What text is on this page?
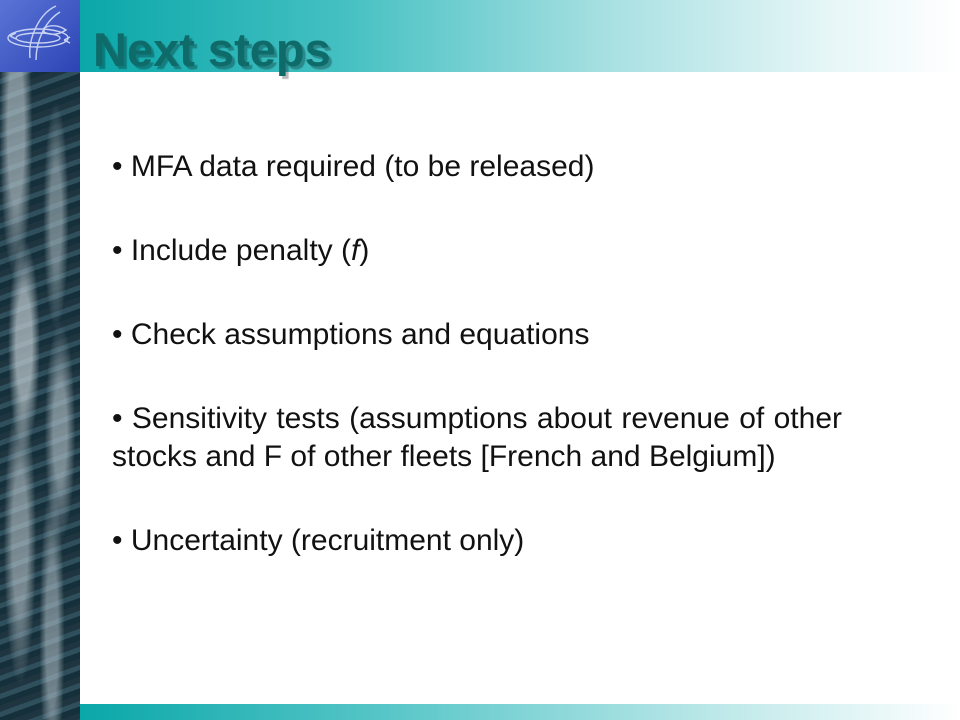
Next steps
• MFA data required (to be released)
• Include penalty (f)
• Check assumptions and equations
• Sensitivity tests (assumptions about revenue of other stocks and F of other fleets [French and Belgium])
• Uncertainty (recruitment only)
